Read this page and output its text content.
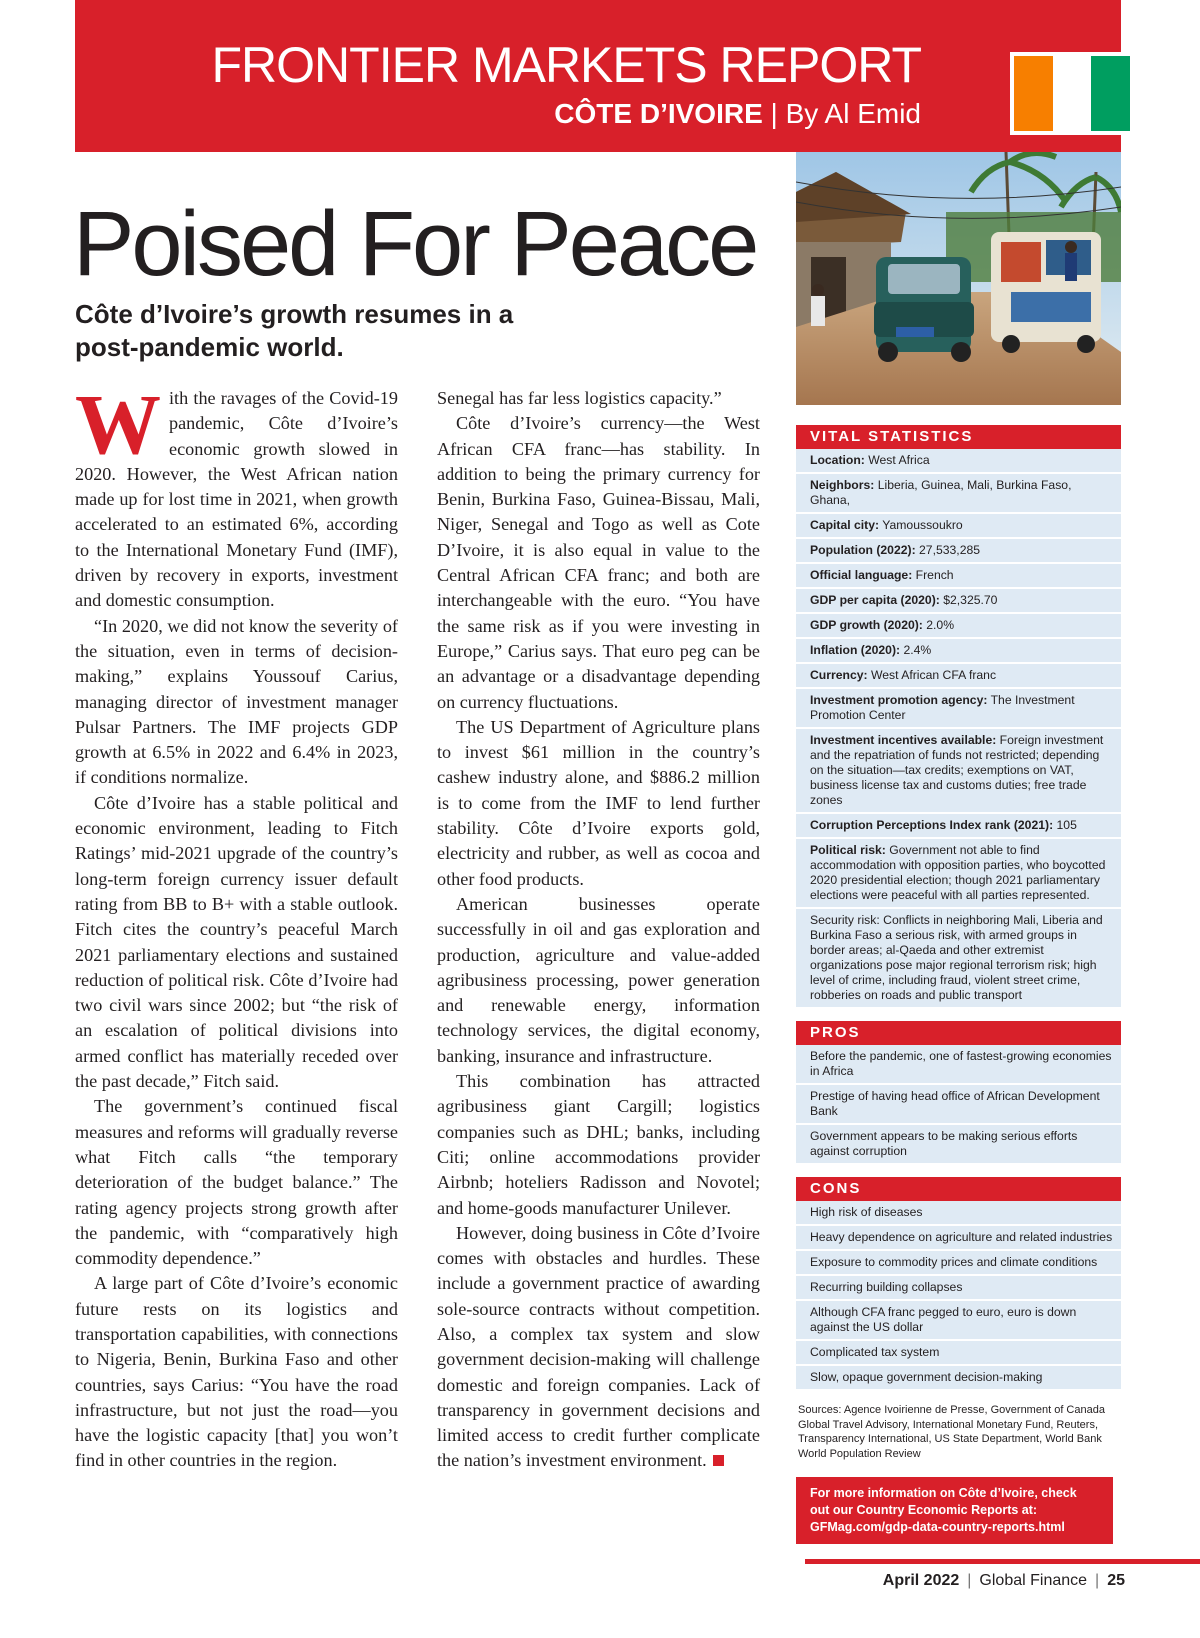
FRONTIER MARKETS REPORT
CÔTE D’IVOIRE | By Al Emid
Poised For Peace

Côte d’Ivoire’s growth resumes in a post-pandemic world.

With the ravages of the Covid-19 pandemic, Côte d’Ivoire’s economic growth slowed in 2020. However, the West African nation made up for lost time in 2021, when growth accelerated to an estimated 6%, according to the International Monetary Fund (IMF), driven by recovery in exports, investment and domestic consumption.

“In 2020, we did not know the severity of the situation, even in terms of decision-making,” explains Youssouf Carius, managing director of investment manager Pulsar Partners. The IMF projects GDP growth at 6.5% in 2022 and 6.4% in 2023, if conditions normalize.

Côte d’Ivoire has a stable political and economic environment, leading to Fitch Ratings’ mid-2021 upgrade of the country’s long-term foreign currency issuer default rating from BB to B+ with a stable outlook. Fitch cites the country’s peaceful March 2021 parliamentary elections and sustained reduction of political risk. Côte d’Ivoire had two civil wars since 2002; but “the risk of an escalation of political divisions into armed conflict has materially receded over the past decade,” Fitch said.

The government’s continued fiscal measures and reforms will gradually reverse what Fitch calls “the temporary deterioration of the budget balance.” The rating agency projects strong growth after the pandemic, with “comparatively high commodity dependence.”

A large part of Côte d’Ivoire’s economic future rests on its logistics and transportation capabilities, with connections to Nigeria, Benin, Burkina Faso and other countries, says Carius: “You have the road infrastructure, but not just the road—you have the logistic capacity [that] you won’t find in other countries in the region.

Senegal has far less logistics capacity.”

Côte d’Ivoire’s currency—the West African CFA franc—has stability. In addition to being the primary currency for Benin, Burkina Faso, Guinea-Bissau, Mali, Niger, Senegal and Togo as well as Cote D’Ivoire, it is also equal in value to the Central African CFA franc; and both are interchangeable with the euro. “You have the same risk as if you were investing in Europe,” Carius says. That euro peg can be an advantage or a disadvantage depending on currency fluctuations.

The US Department of Agriculture plans to invest $61 million in the country’s cashew industry alone, and $886.2 million is to come from the IMF to lend further stability. Côte d’Ivoire exports gold, electricity and rubber, as well as cocoa and other food products.

American businesses operate successfully in oil and gas exploration and production, agriculture and value-added agribusiness processing, power generation and renewable energy, information technology services, the digital economy, banking, insurance and infrastructure.

This combination has attracted agribusiness giant Cargill; logistics companies such as DHL; banks, including Citi; online accommodations provider Airbnb; hoteliers Radisson and Novotel; and home-goods manufacturer Unilever.

However, doing business in Côte d’Ivoire comes with obstacles and hurdles. These include a government practice of awarding sole-source contracts without competition. Also, a complex tax system and slow government decision-making will challenge domestic and foreign companies. Lack of transparency in government decisions and limited access to credit further complicate the nation’s investment environment.

VITAL STATISTICS
Location: West Africa
Neighbors: Liberia, Guinea, Mali, Burkina Faso, Ghana,
Capital city: Yamoussoukro
Population (2022): 27,533,285
Official language: French
GDP per capita (2020): $2,325.70
GDP growth (2020): 2.0%
Inflation (2020): 2.4%
Currency: West African CFA franc
Investment promotion agency: The Investment Promotion Center
Investment incentives available: Foreign investment and the repatriation of funds not restricted; depending on the situation—tax credits; exemptions on VAT, business license tax and customs duties; free trade zones
Corruption Perceptions Index rank (2021): 105
Political risk: Government not able to find accommodation with opposition parties, who boycotted 2020 presidential election; though 2021 parliamentary elections were peaceful with all parties represented.
Security risk: Conflicts in neighboring Mali, Liberia and Burkina Faso a serious risk, with armed groups in border areas; al-Qaeda and other extremist organizations pose major regional terrorism risk; high level of crime, including fraud, violent street crime, robberies on roads and public transport
PROS
Before the pandemic, one of fastest-growing economies in Africa
Prestige of having head office of African Development Bank
Government appears to be making serious efforts against corruption
CONS
High risk of diseases
Heavy dependence on agriculture and related industries
Exposure to commodity prices and climate conditions
Recurring building collapses
Although CFA franc pegged to euro, euro is down against the US dollar
Complicated tax system
Slow, opaque government decision-making
Sources: Agence Ivoirienne de Presse, Government of Canada Global Travel Advisory, International Monetary Fund, Reuters, Transparency International, US State Department, World Bank World Population Review
For more information on Côte d’Ivoire, check out our Country Economic Reports at: GFMag.com/gdp-data-country-reports.html
April 2022 | Global Finance | 25
